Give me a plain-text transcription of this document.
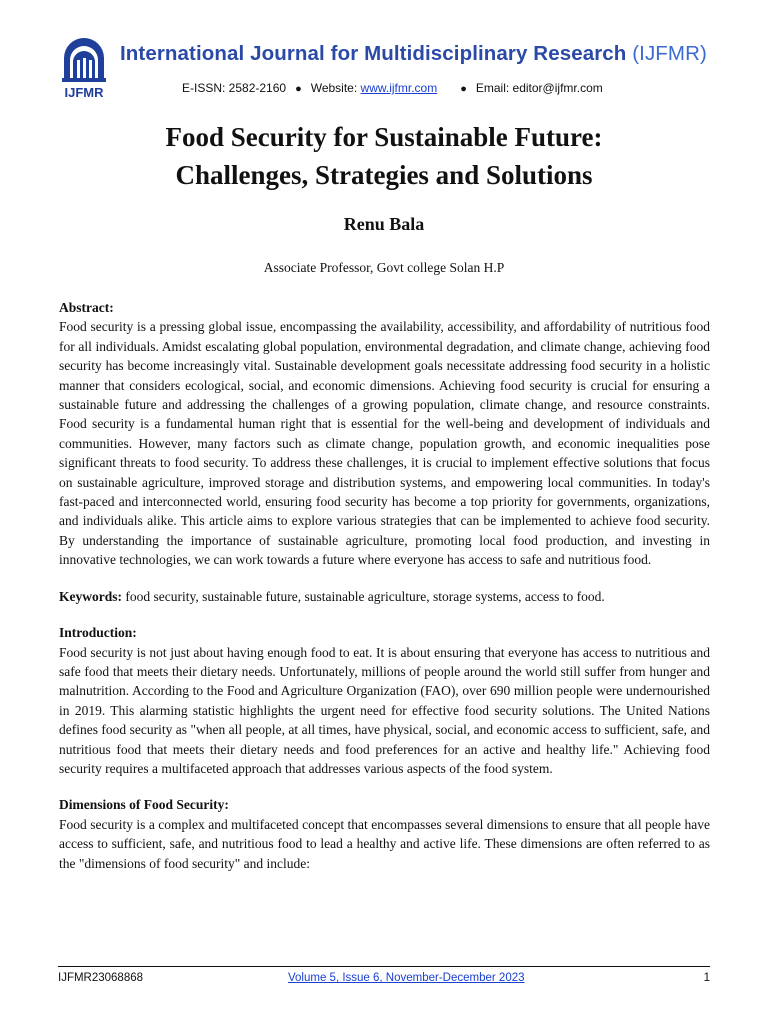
IJFMR
International Journal for Multidisciplinary Research (IJFMR)
E-ISSN: 2582-2160 ● Website: www.ijfmr.com ● Email: editor@ijfmr.com
Food Security for Sustainable Future:
Challenges, Strategies and Solutions
Renu Bala
Associate Professor, Govt college Solan H.P
Abstract:

Food security is a pressing global issue, encompassing the availability, accessibility, and affordability of nutritious food for all individuals. Amidst escalating global population, environmental degradation, and climate change, achieving food security has become increasingly vital. Sustainable development goals necessitate addressing food security in a holistic manner that considers ecological, social, and economic dimensions. Achieving food security is crucial for ensuring a sustainable future and addressing the challenges of a growing population, climate change, and resource constraints. Food security is a fundamental human right that is essential for the well-being and development of individuals and communities. However, many factors such as climate change, population growth, and economic inequalities pose significant threats to food security. To address these challenges, it is crucial to implement effective solutions that focus on sustainable agriculture, improved storage and distribution systems, and empowering local communities. In today's fast-paced and interconnected world, ensuring food security has become a top priority for governments, organizations, and individuals alike. This article aims to explore various strategies that can be implemented to achieve food security. By understanding the importance of sustainable agriculture, promoting local food production, and investing in innovative technologies, we can work towards a future where everyone has access to safe and nutritious food.

Keywords: food security, sustainable future, sustainable agriculture, storage systems, access to food.

Introduction:

Food security is not just about having enough food to eat. It is about ensuring that everyone has access to nutritious and safe food that meets their dietary needs. Unfortunately, millions of people around the world still suffer from hunger and malnutrition. According to the Food and Agriculture Organization (FAO), over 690 million people were undernourished in 2019. This alarming statistic highlights the urgent need for effective food security solutions. The United Nations defines food security as "when all people, at all times, have physical, social, and economic access to sufficient, safe, and nutritious food that meets their dietary needs and food preferences for an active and healthy life." Achieving food security requires a multifaceted approach that addresses various aspects of the food system.

Dimensions of Food Security:

Food security is a complex and multifaceted concept that encompasses several dimensions to ensure that all people have access to sufficient, safe, and nutritious food to lead a healthy and active life. These dimensions are often referred to as the "dimensions of food security" and include:

IJFMR23068868	Volume 5, Issue 6, November-December 2023	1
